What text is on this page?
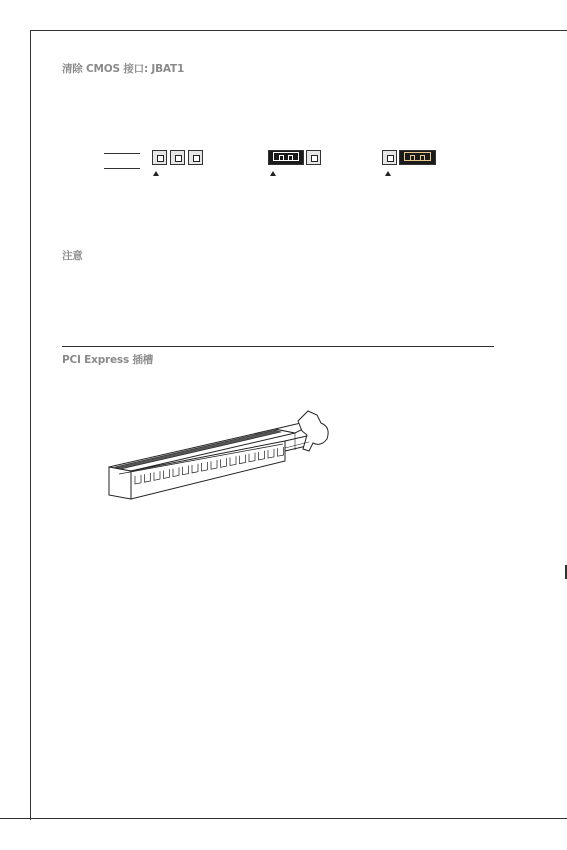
清除 CMOS 接口: JBAT1
注意
PCI Express 插槽
